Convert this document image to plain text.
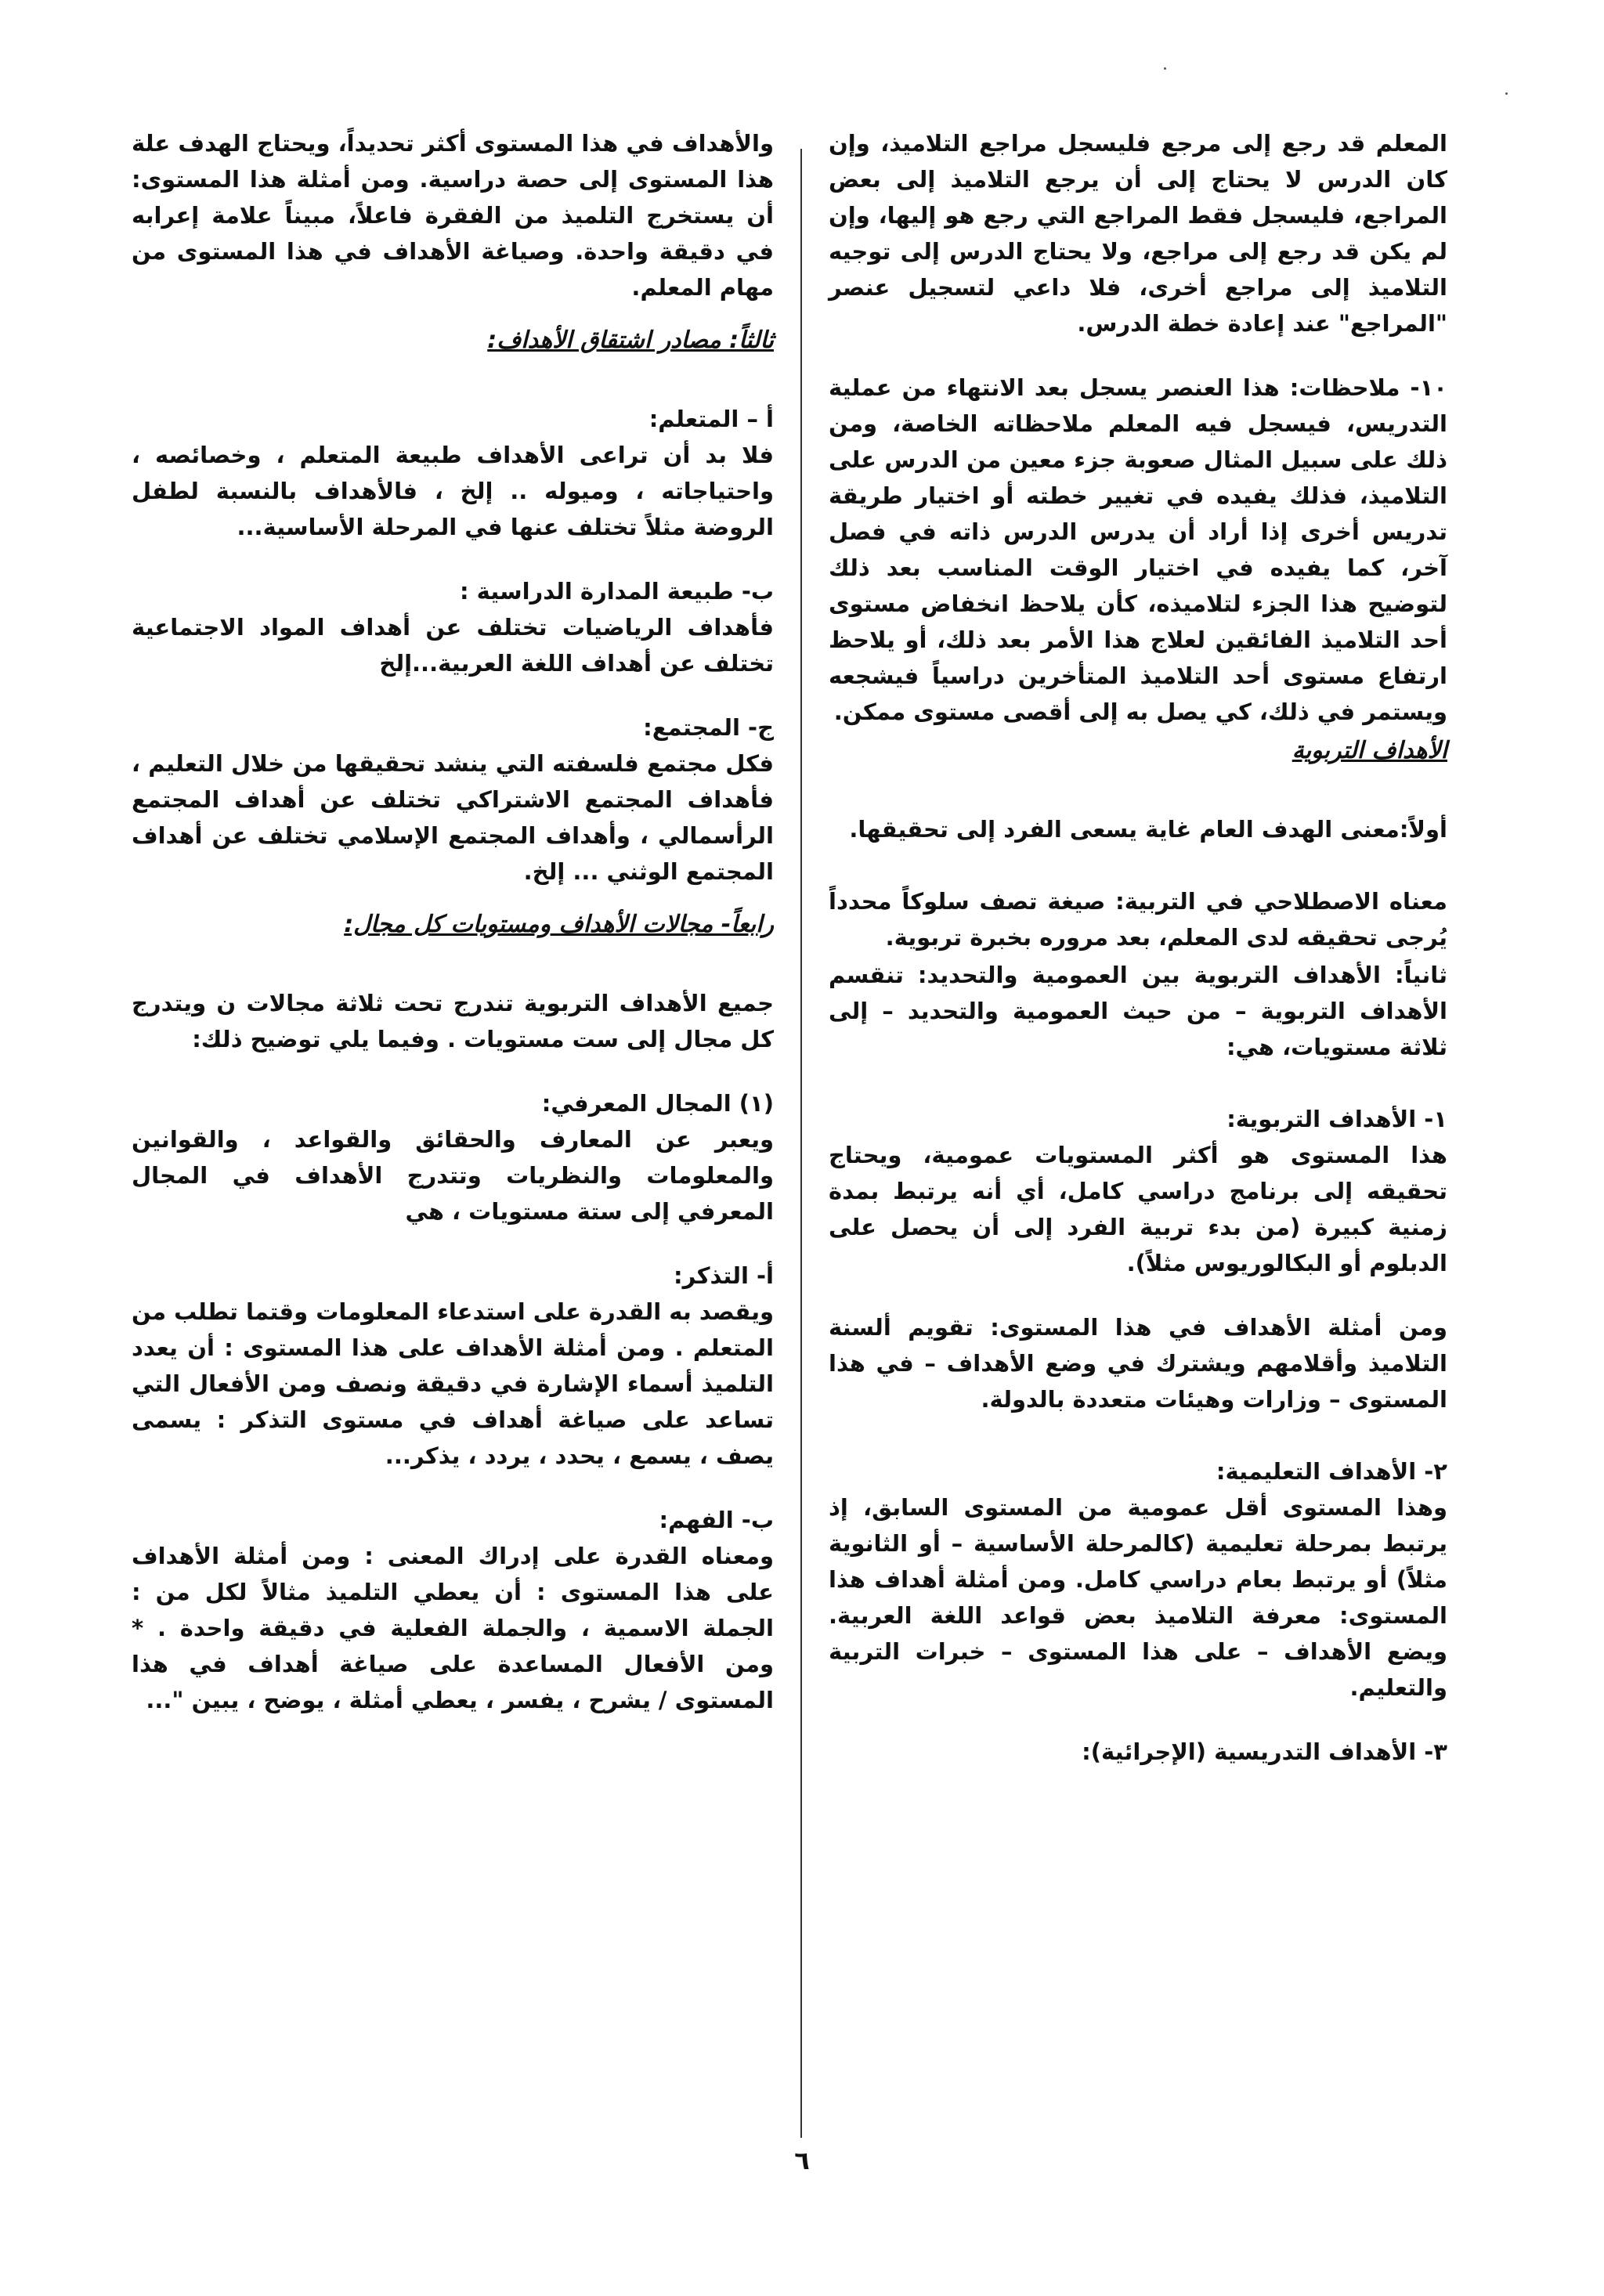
المعلم قد رجع إلى مرجع فليسجل مراجع التلاميذ، وإن كان الدرس لا يحتاج إلى أن يرجع التلاميذ إلى بعض المراجع، فليسجل فقط المراجع التي رجع هو إليها، وإن لم يكن قد رجع إلى مراجع، ولا يحتاج الدرس إلى توجيه التلاميذ إلى مراجع أخرى، فلا داعي لتسجيل عنصر "المراجع" عند إعادة خطة الدرس.

١٠- ملاحظات: هذا العنصر يسجل بعد الانتهاء من عملية التدريس، فيسجل فيه المعلم ملاحظاته الخاصة، ومن ذلك على سبيل المثال صعوبة جزء معين من الدرس على التلاميذ، فذلك يفيده في تغيير خطته أو اختيار طريقة تدريس أخرى إذا أراد أن يدرس الدرس ذاته في فصل آخر، كما يفيده في اختيار الوقت المناسب بعد ذلك لتوضيح هذا الجزء لتلاميذه، كأن يلاحظ انخفاض مستوى أحد التلاميذ الفائقين لعلاج هذا الأمر بعد ذلك، أو يلاحظ ارتفاع مستوى أحد التلاميذ المتأخرين دراسياً فيشجعه ويستمر في ذلك، كي يصل به إلى أقصى مستوى ممكن.

الأهداف التربوية

أولاً:معنى الهدف العام غاية يسعى الفرد إلى تحقيقها.

معناه الاصطلاحي في التربية: صيغة تصف سلوكاً محدداً يُرجى تحقيقه لدى المعلم، بعد مروره بخبرة تربوية.

ثانياً: الأهداف التربوية بين العمومية والتحديد: تنقسم الأهداف التربوية – من حيث العمومية والتحديد – إلى ثلاثة مستويات، هي:

١- الأهداف التربوية:

هذا المستوى هو أكثر المستويات عمومية، ويحتاج تحقيقه إلى برنامج دراسي كامل، أي أنه يرتبط بمدة زمنية كبيرة (من بدء تربية الفرد إلى أن يحصل على الدبلوم أو البكالوريوس مثلاً).

ومن أمثلة الأهداف في هذا المستوى: تقويم ألسنة التلاميذ وأقلامهم ويشترك في وضع الأهداف – في هذا المستوى – وزارات وهيئات متعددة بالدولة.

٢- الأهداف التعليمية:

وهذا المستوى أقل عمومية من المستوى السابق، إذ يرتبط بمرحلة تعليمية (كالمرحلة الأساسية – أو الثانوية مثلاً) أو يرتبط بعام دراسي كامل. ومن أمثلة أهداف هذا المستوى: معرفة التلاميذ بعض قواعد اللغة العربية. ويضع الأهداف – على هذا المستوى – خبرات التربية والتعليم.

٣- الأهداف التدريسية (الإجرائية):

والأهداف في هذا المستوى أكثر تحديداً، ويحتاج الهدف علة هذا المستوى إلى حصة دراسية. ومن أمثلة هذا المستوى: أن يستخرج التلميذ من الفقرة فاعلاً، مبيناً علامة إعرابه في دقيقة واحدة. وصياغة الأهداف في هذا المستوى من مهام المعلم.

ثالثاً: مصادر اشتقاق الأهداف:

أ – المتعلم:

فلا بد أن تراعى الأهداف طبيعة المتعلم ، وخصائصه ، واحتياجاته ، وميوله .. إلخ ، فالأهداف بالنسبة لطفل الروضة مثلاً تختلف عنها في المرحلة الأساسية...

ب- طبيعة المدارة الدراسية :

فأهداف الرياضيات تختلف عن أهداف المواد الاجتماعية تختلف عن أهداف اللغة العربية...إلخ

ج- المجتمع:

فكل مجتمع فلسفته التي ينشد تحقيقها من خلال التعليم ، فأهداف المجتمع الاشتراكي تختلف عن أهداف المجتمع الرأسمالي ، وأهداف المجتمع الإسلامي تختلف عن أهداف المجتمع الوثني ... إلخ.

رابعاً- مجالات الأهداف ومستويات كل مجال:

جميع الأهداف التربوية تندرج تحت ثلاثة مجالات ن ويتدرج كل مجال إلى ست مستويات . وفيما يلي توضيح ذلك:

(١) المجال المعرفي:

ويعبر عن المعارف والحقائق والقواعد ، والقوانين والمعلومات والنظريات وتتدرج الأهداف في المجال المعرفي إلى ستة مستويات ، هي

أ- التذكر:

ويقصد به القدرة على استدعاء المعلومات وقتما تطلب من المتعلم . ومن أمثلة الأهداف على هذا المستوى : أن يعدد التلميذ أسماء الإشارة في دقيقة ونصف ومن الأفعال التي تساعد على صياغة أهداف في مستوى التذكر : يسمى يصف ، يسمع ، يحدد ، يردد ، يذكر...

ب- الفهم:

ومعناه القدرة على إدراك المعنى : ومن أمثلة الأهداف على هذا المستوى : أن يعطي التلميذ مثالاً لكل من : الجملة الاسمية ، والجملة الفعلية في دقيقة واحدة . * ومن الأفعال المساعدة على صياغة أهداف في هذا المستوى / يشرح ، يفسر ، يعطي أمثلة ، يوضح ، يبين "...

٦
